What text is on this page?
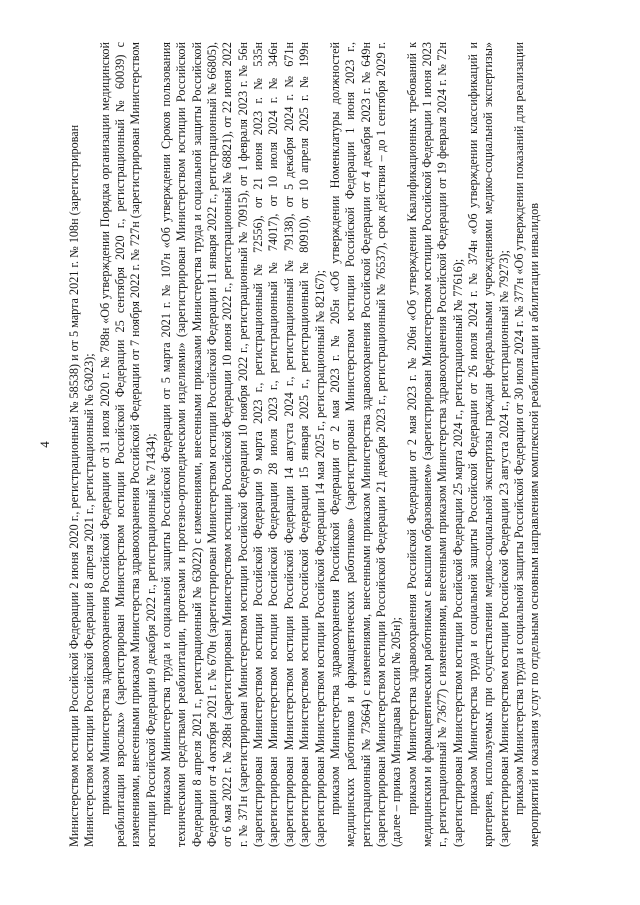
4 Министерством юстиции Российской Федерации 2 июня 2020 г., регистрационный № 58538) и от 5 марта 2021 г. № 108н (зарегистрирован Министерством юстиции Российской Федерации 8 апреля 2021 г., регистрационный № 63023); приказом Министерства здравоохранения Российской Федерации от 31 июля 2020 г. № 788н «Об утверждении Порядка организации медицинской реабилитации взрослых» (зарегистрирован Министерством юстиции Российской Федерации 25 сентября 2020 г., регистрационный № 60039) с изменениями, внесенными приказом Министерства здравоохранения Российской Федерации от 7 ноября 2022 г. № 727н (зарегистрирован Министерством юстиции Российской Федерации 9 декабря 2022 г., регистрационный № 71434); приказом Министерства труда и социальной защиты Российской Федерации от 5 марта 2021 г. № 107н «Об утверждении Сроков пользования техническими средствами реабилитации, протезами и протезно-ортопедическими изделиями» (зарегистрирован Министерством юстиции Российской Федерации 8 апреля 2021 г., регистрационный № 63022) с изменениями, внесенными приказами Министерства труда и социальной защиты Российской Федерации от 4 октября 2021 г. № 670н (зарегистрирован Министерством юстиции Российской Федерации 11 января 2022 г., регистрационный № 66805), от 6 мая 2022 г. № 288н (зарегистрирован Министерством юстиции Российской Федерации 10 июня 2022 г., регистрационный № 68821), от 22 июня 2022 г. № 371н (зарегистрирован Министерством юстиции Российской Федерации 10 ноября 2022 г., регистрационный № 70915), от 1 февраля 2023 г. № 56н (зарегистрирован Министерством юстиции Российской Федерации 9 марта 2023 г., регистрационный № 72556), от 21 июня 2023 г. № 535н (зарегистрирован Министерством юстиции Российской Федерации 28 июля 2023 г., регистрационный № 74017), от 10 июля 2024 г. № 346н (зарегистрирован Министерством юстиции Российской Федерации 14 августа 2024 г., регистрационный № 79138), от 5 декабря 2024 г. № 671н (зарегистрирован Министерством юстиции Российской Федерации 15 января 2025 г., регистрационный № 80910), от 10 апреля 2025 г. № 199н (зарегистрирован Министерством юстиции Российской Федерации 14 мая 2025 г., регистрационный № 82167); приказом Министерства здравоохранения Российской Федерации от 2 мая 2023 г. № 205н «Об утверждении Номенклатуры должностей медицинских работников и фармацевтических работников» (зарегистрирован Министерством юстиции Российской Федерации 1 июня 2023 г., регистрационный № 73664) с изменениями, внесенными приказом Министерства здравоохранения Российской Федерации от 4 декабря 2023 г. № 649н (зарегистрирован Министерством юстиции Российской Федерации 21 декабря 2023 г., регистрационный № 76537), срок действия – до 1 сентября 2029 г. (далее – приказ Минздрава России № 205н); приказом Министерства здравоохранения Российской Федерации от 2 мая 2023 г. № 206н «Об утверждении Квалификационных требований к медицинским и фармацевтическим работникам с высшим образованием» (зарегистрирован Министерством юстиции Российской Федерации 1 июня 2023 г., регистрационный № 73677) с изменениями, внесенными приказом Министерства здравоохранения Российской Федерации от 19 февраля 2024 г. № 72н (зарегистрирован Министерством юстиции Российской Федерации 25 марта 2024 г., регистрационный № 77616); приказом Министерства труда и социальной защиты Российской Федерации от 26 июля 2024 г. № 374н «Об утверждении классификаций и критериев, используемых при осуществлении медико-социальной экспертизы граждан федеральными учреждениями медико-социальной экспертизы» (зарегистрирован Министерством юстиции Российской Федерации 23 августа 2024 г., регистрационный № 79273); приказом Министерства труда и социальной защиты Российской Федерации от 30 июля 2024 г. № 377н «Об утверждении показаний для реализации мероприятий и оказания услуг по отдельным основным направлениям комплексной реабилитации и абилитации инвалидов
